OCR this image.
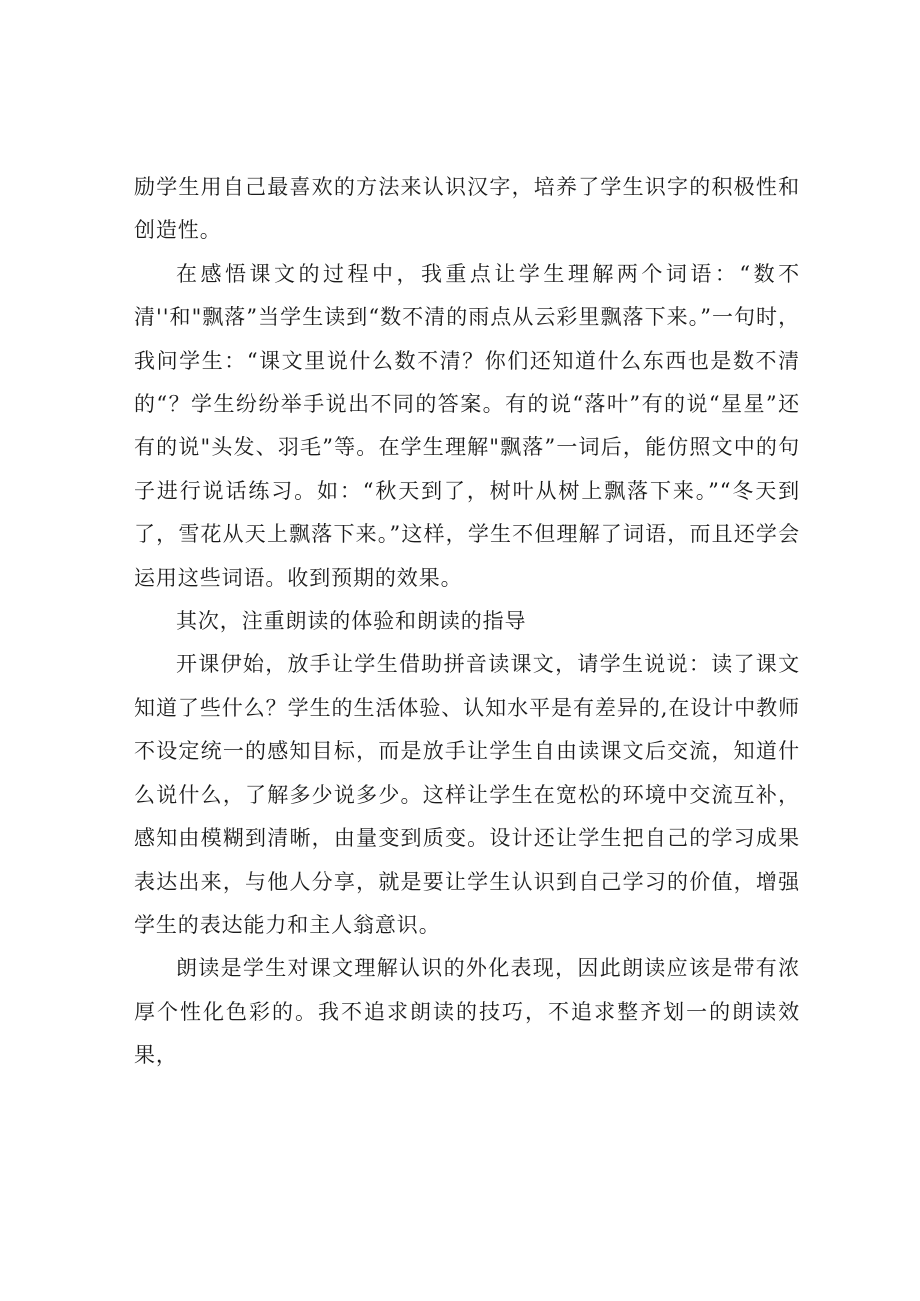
励学生用自己最喜欢的方法来认识汉字，培养了学生识字的积极性和创造性。

在感悟课文的过程中，我重点让学生理解两个词语：“数不清''和"飘落”当学生读到“数不清的雨点从云彩里飘落下来。”一句时，我问学生：“课文里说什么数不清？你们还知道什么东西也是数不清的“？学生纷纷举手说出不同的答案。有的说“落叶”有的说“星星”还有的说"头发、羽毛”等。在学生理解"飘落”一词后，能仿照文中的句子进行说话练习。如：“秋天到了，树叶从树上飘落下来。”“冬天到了，雪花从天上飘落下来。”这样，学生不但理解了词语，而且还学会运用这些词语。收到预期的效果。

其次，注重朗读的体验和朗读的指导

开课伊始，放手让学生借助拼音读课文，请学生说说：读了课文知道了些什么？学生的生活体验、认知水平是有差异的,在设计中教师不设定统一的感知目标，而是放手让学生自由读课文后交流，知道什么说什么，了解多少说多少。这样让学生在宽松的环境中交流互补，感知由模糊到清晰，由量变到质变。设计还让学生把自己的学习成果表达出来，与他人分享，就是要让学生认识到自己学习的价值，增强学生的表达能力和主人翁意识。

朗读是学生对课文理解认识的外化表现，因此朗读应该是带有浓厚个性化色彩的。我不追求朗读的技巧，不追求整齐划一的朗读效果，
